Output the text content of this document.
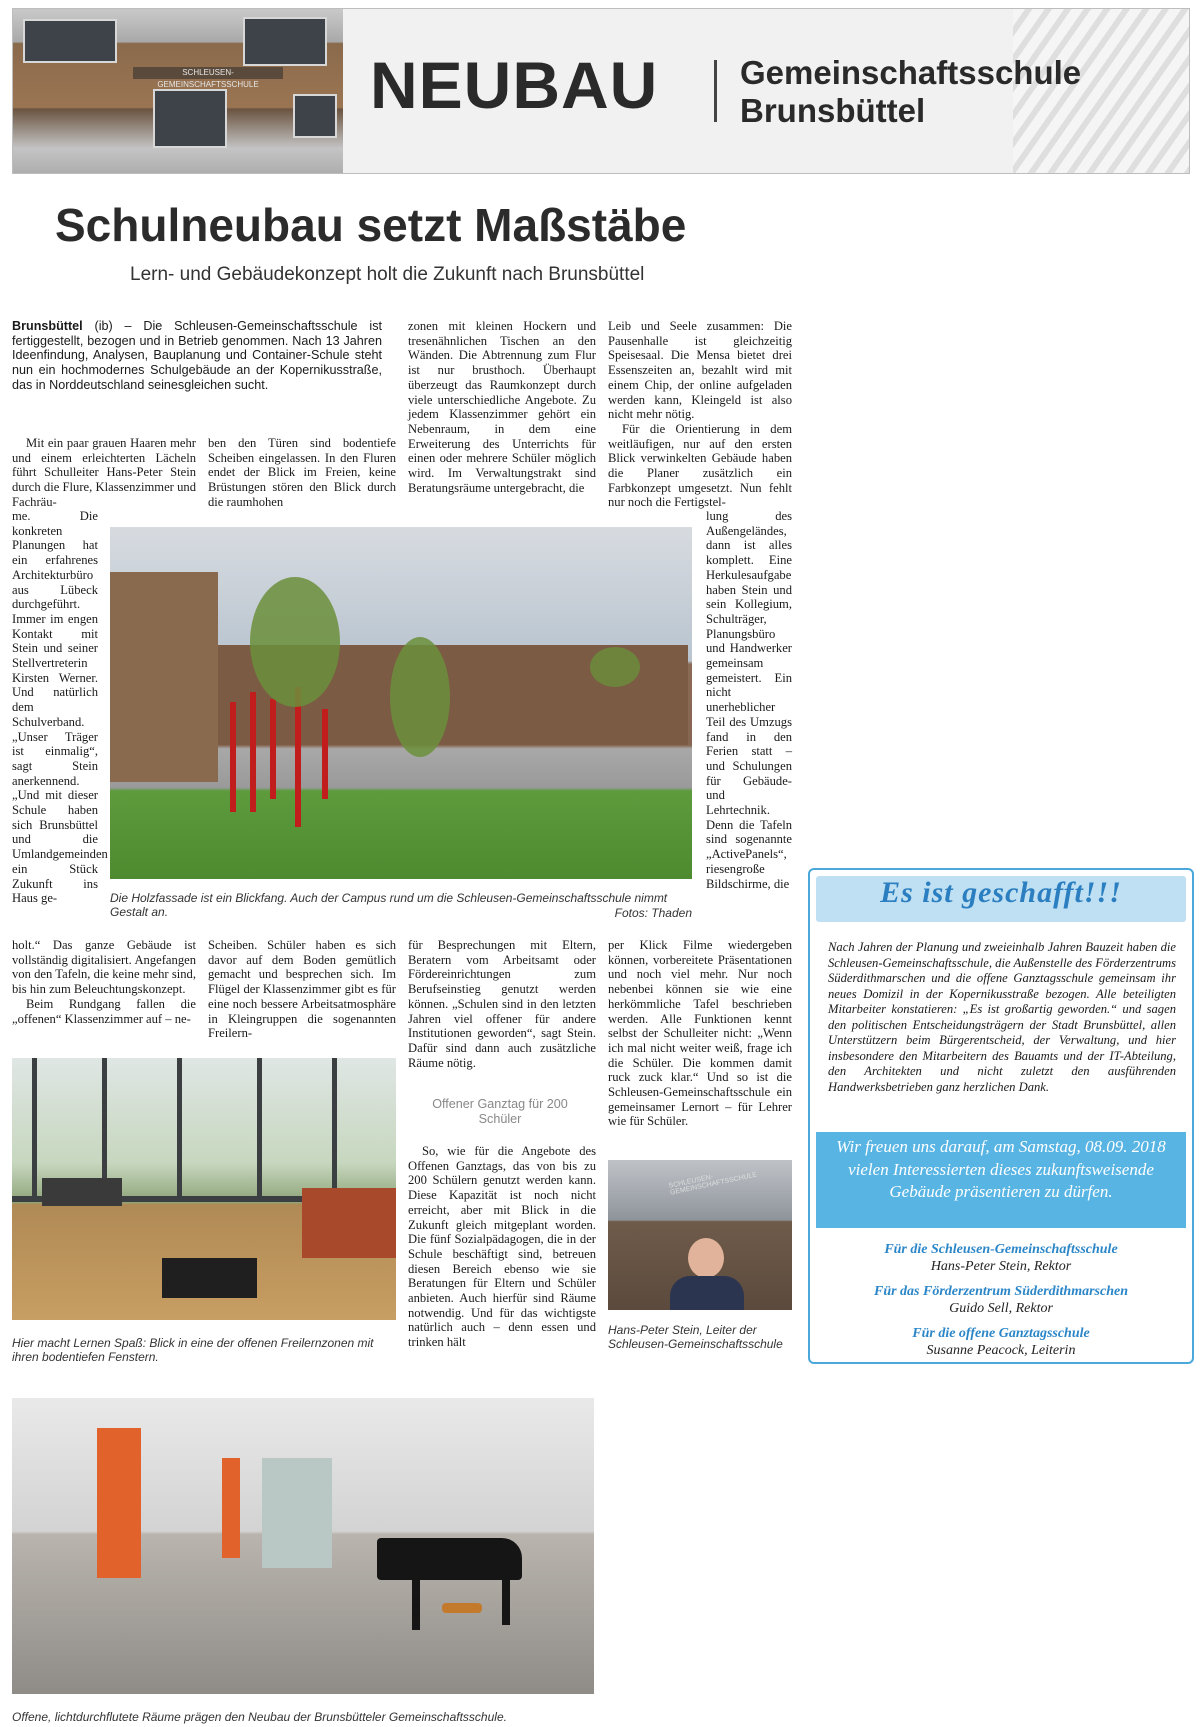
SCHLEUSEN-GEMEINSCHAFTSSCHULE	NEUBAU Gemeinschaftsschule
Brunsbüttel
Schulneubau setzt Maßstäbe
Lern- und Gebäudekonzept holt die Zukunft nach Brunsbüttel

Brunsbüttel (ib) – Die Schleusen-Gemeinschaftsschule ist fertiggestellt, bezogen und in Betrieb genommen. Nach 13 Jahren Ideenfindung, Analysen, Bauplanung und Container-Schule steht nun ein hochmodernes Schulgebäude an der Kopernikusstraße, das in Norddeutschland seinesgleichen sucht.

Mit ein paar grauen Haaren mehr und einem erleichterten Lächeln führt Schulleiter Hans-Peter Stein durch die Flure, Klassenzimmer und Fachräu-

me. Die konkreten Planungen hat ein erfahrenes Architekturbüro aus Lübeck durchgeführt. Immer im engen Kontakt mit Stein und seiner Stellvertreterin Kirsten Werner. Und natürlich dem Schulverband. „Unser Träger ist einmalig“, sagt Stein anerkennend. „Und mit dieser Schule haben sich Brunsbüttel und die Umlandgemeinden ein Stück Zukunft ins Haus ge-

holt.“ Das ganze Gebäude ist vollständig digitalisiert. Angefangen von den Tafeln, die keine mehr sind, bis hin zum Beleuchtungskonzept.

Beim Rundgang fallen die „offenen“ Klassenzimmer auf – ne-

ben den Türen sind bodentiefe Scheiben eingelassen. In den Fluren endet der Blick im Freien, keine Brüstungen stören den Blick durch die raumhohen
Scheiben. Schüler haben es sich davor auf dem Boden gemütlich gemacht und besprechen sich. Im Flügel der Klassenzimmer gibt es für eine noch bessere Arbeitsatmosphäre in Kleingruppen die sogenannten Freilern-
zonen mit kleinen Hockern und tresenähnlichen Tischen an den Wänden. Die Abtrennung zum Flur ist nur brusthoch. Überhaupt überzeugt das Raumkonzept durch viele unterschiedliche Angebote. Zu jedem Klassenzimmer gehört ein Nebenraum, in dem eine Erweiterung des Unterrichts für einen oder mehrere Schüler möglich wird. Im Verwaltungstrakt sind Beratungsräume untergebracht, die
für Besprechungen mit Eltern, Beratern vom Arbeitsamt oder Fördereinrichtungen zum Berufseinstieg genutzt werden können. „Schulen sind in den letzten Jahren viel offener für andere Institutionen geworden“, sagt Stein. Dafür sind dann auch zusätzliche Räume nötig.
Offener Ganztag für 200 Schüler

So, wie für die Angebote des Offenen Ganztags, das von bis zu 200 Schülern genutzt werden kann. Diese Kapazität ist noch nicht erreicht, aber mit Blick in die Zukunft gleich mitgeplant worden. Die fünf Sozialpädagogen, die in der Schule beschäftigt sind, betreuen diesen Bereich ebenso wie sie Beratungen für Eltern und Schüler anbieten. Auch hierfür sind Räume notwendig. Und für das wichtigste natürlich auch – denn essen und trinken hält

Leib und Seele zusammen: Die Pausenhalle ist gleichzeitig Speisesaal. Die Mensa bietet drei Essenszeiten an, bezahlt wird mit einem Chip, der online aufgeladen werden kann, Kleingeld ist also nicht mehr nötig.

Für die Orientierung in dem weitläufigen, nur auf den ersten Blick verwinkelten Gebäude haben die Planer zusätzlich ein Farbkonzept umgesetzt. Nun fehlt nur noch die Fertigstel-

lung des Außengeländes, dann ist alles komplett. Eine Herkulesaufgabe haben Stein und sein Kollegium, Schulträger, Planungsbüro und Handwerker gemeinsam gemeistert. Ein nicht unerheblicher Teil des Umzugs fand in den Ferien statt – und Schulungen für Gebäude- und Lehrtechnik. Denn die Tafeln sind sogenannte „ActivePanels“, riesengroße Bildschirme, die
per Klick Filme wiedergeben können, vorbereitete Präsentationen und noch viel mehr. Nur noch nebenbei können sie wie eine herkömmliche Tafel beschrieben werden. Alle Funktionen kennt selbst der Schulleiter nicht: „Wenn ich mal nicht weiter weiß, frage ich die Schüler. Die kommen damit ruck zuck klar.“ Und so ist die Schleusen-Gemeinschaftsschule ein gemeinsamer Lernort – für Lehrer wie für Schüler.
Die Holzfassade ist ein Blickfang. Auch der Campus rund um die Schleusen-Gemeinschaftsschule nimmt Gestalt an.	Fotos: Thaden
Hier macht Lernen Spaß: Blick in eine der offenen Freilernzonen mit ihren bodentiefen Fenstern.
SCHLEUSEN-GEMEINSCHAFTSSCHULE
Hans-Peter Stein, Leiter der Schleusen-Gemeinschaftsschule
Offene, lichtdurchflutete Räume prägen den Neubau der Brunsbütteler Gemeinschaftsschule.
Es ist geschafft!!!
Nach Jahren der Planung und zweieinhalb Jahren Bauzeit haben die Schleusen-Gemeinschaftsschule, die Außenstelle des Förderzentrums Süderdithmarschen und die offene Ganztagsschule gemeinsam ihr neues Domizil in der Kopernikusstraße bezogen. Alle beteiligten Mitarbeiter konstatieren: „Es ist großartig geworden.“ und sagen den politischen Entscheidungsträgern der Stadt Brunsbüttel, allen Unterstützern beim Bürgerentscheid, der Verwaltung, und hier insbesondere den Mitarbeitern des Bauamts und der IT-Abteilung, den Architekten und nicht zuletzt den ausführenden Handwerksbetrieben ganz herzlichen Dank.
Wir freuen uns darauf, am Samstag, 08.09. 2018 vielen Interessierten dieses zukunftsweisende Gebäude präsentieren zu dürfen.
Für die Schleusen-Gemeinschaftsschule
Hans-Peter Stein, Rektor
Für das Förderzentrum Süderdithmarschen
Guido Sell, Rektor
Für die offene Ganztagsschule
Susanne Peacock, Leiterin
